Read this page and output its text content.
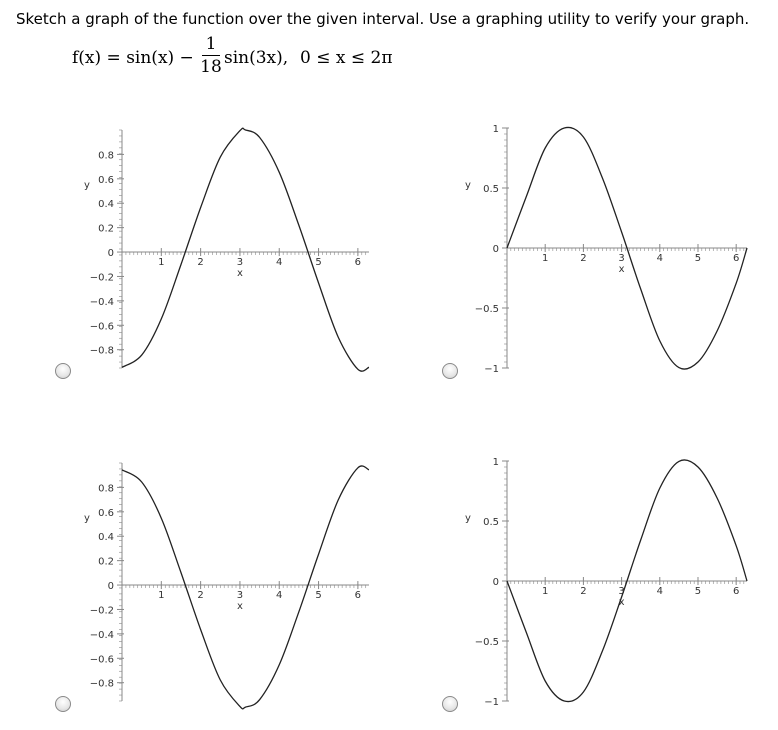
Sketch a graph of the function over the given interval. Use a graphing utility to verify your graph.
f(x) = sin(x) −
1
18 sin(3x), 0 ≤ x ≤ 2π
1	2	3	4	5	6
0.8
0.6
0.4
0.2
0
−0.2
−0.4
−0.6
−0.8
x
y
1	2	3	4	5	6
1
0.5
0
−0.5
−1
x
y
1	2	3	4	5	6
0.8
0.6
0.4
0.2
0
−0.2
−0.4
−0.6
−0.8
x
y
1	2	3	4	5	6
1
0.5
0
−0.5
−1
x
y
